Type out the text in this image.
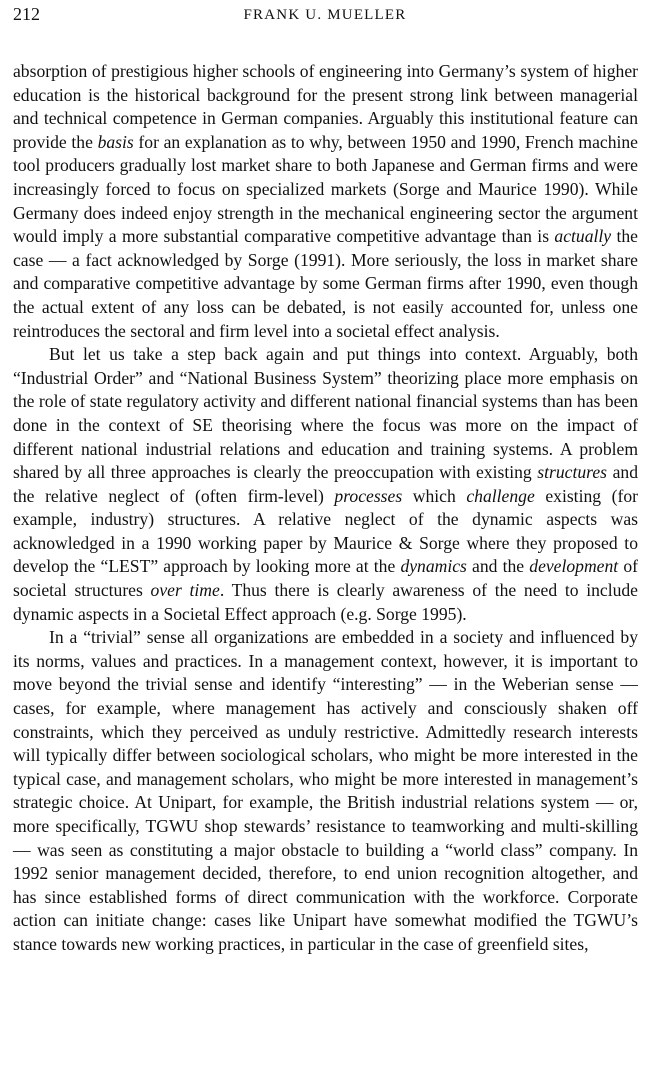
212	FRANK U. MUELLER

absorption of prestigious higher schools of engineering into Germany’s system of higher education is the historical background for the present strong link between managerial and technical competence in German companies. Arguably this institutional feature can provide the basis for an explanation as to why, between 1950 and 1990, French machine tool producers gradually lost market share to both Japanese and German firms and were increasingly forced to focus on specialized markets (Sorge and Maurice 1990). While Germany does indeed enjoy strength in the mechanical engineering sector the argument would imply a more substantial comparative competitive advantage than is actually the case — a fact acknowledged by Sorge (1991). More seriously, the loss in market share and comparative competitive advantage by some German firms after 1990, even though the actual extent of any loss can be debated, is not easily accounted for, unless one reintroduces the sectoral and firm level into a societal effect analysis.

But let us take a step back again and put things into context. Arguably, both “Industrial Order” and “National Business System” theorizing place more emphasis on the role of state regulatory activity and different national financial systems than has been done in the context of SE theorising where the focus was more on the impact of different national industrial relations and education and training systems. A problem shared by all three approaches is clearly the preoccupation with existing structures and the relative neglect of (often firm-level) processes which challenge existing (for example, industry) structures. A relative neglect of the dynamic aspects was acknowledged in a 1990 working paper by Maurice & Sorge where they proposed to develop the “LEST” approach by looking more at the dynamics and the development of societal structures over time. Thus there is clearly awareness of the need to include dynamic aspects in a Societal Effect approach (e.g. Sorge 1995).

In a “trivial” sense all organizations are embedded in a society and influenced by its norms, values and practices. In a management context, however, it is important to move beyond the trivial sense and identify “interesting” — in the Weberian sense — cases, for example, where management has actively and consciously shaken off constraints, which they perceived as unduly restrictive. Admittedly research interests will typically differ between sociological scholars, who might be more interested in the typical case, and management scholars, who might be more interested in management’s strategic choice. At Unipart, for example, the British industrial relations system — or, more specifically, TGWU shop stewards’ resistance to teamworking and multi-skilling — was seen as constituting a major obstacle to building a “world class” company. In 1992 senior management decided, therefore, to end union recognition altogether, and has since established forms of direct communication with the workforce. Corporate action can initiate change: cases like Unipart have somewhat modified the TGWU’s stance towards new working practices, in particular in the case of greenfield sites,
